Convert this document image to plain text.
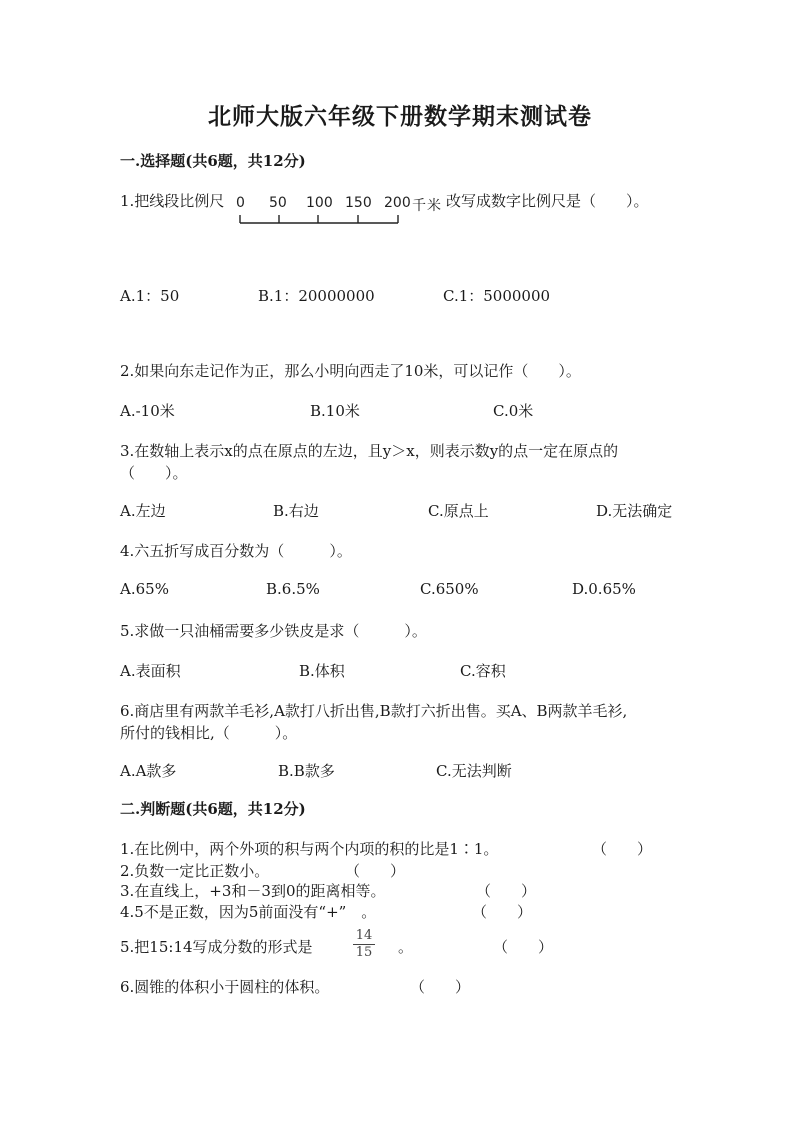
北师大版六年级下册数学期末测试卷
一.选择题(共6题，共12分)
1.把线段比例尺 0 50 100 150 200 千米 改写成数字比例尺是（　　）。
A.1：50	B.1：20000000	C.1：5000000
2.如果向东走记作为正，那么小明向西走了10米，可以记作（　　）。
A.-10米	B.10米	C.0米
3.在数轴上表示x的点在原点的左边，且y＞x，则表示数y的点一定在原点的
（　　）。
A.左边	B.右边	C.原点上	D.无法确定
4.六五折写成百分数为（　　　）。
A.65%	B.6.5%	C.650%	D.0.65%
5.求做一只油桶需要多少铁皮是求（　　　）。
A.表面积	B.体积	C.容积
6.商店里有两款羊毛衫,A款打八折出售,B款打六折出售。买A、B两款羊毛衫,
所付的钱相比,（　　　）。
A.A款多	B.B款多	C.无法判断
二.判断题(共6题，共12分)
1.在比例中，两个外项的积与两个内项的积的比是1∶1。	（　　）
2.负数一定比正数小。	（　　）
3.在直线上，+3和－3到0的距离相等。	（　　）
4.5不是正数，因为5前面没有“+”　。	（　　）
5.把15:14写成分数的形式是
14
15 。	（　　）
6.圆锥的体积小于圆柱的体积。	（　　）
